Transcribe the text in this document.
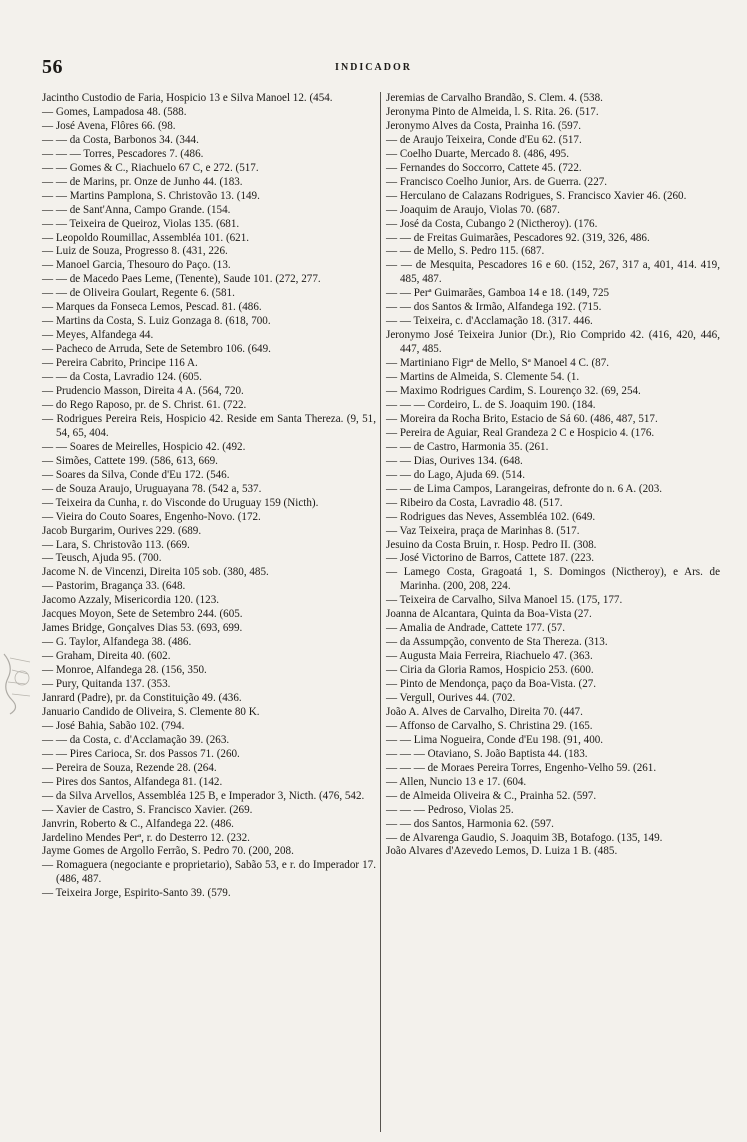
56	INDICADOR
Jacintho Custodio de Faria, Hospicio 13 e Silva Manoel 12. (454.
— Gomes, Lampadosa 48. (588.
— José Avena, Flôres 66. (98.
— — da Costa, Barbonos 34. (344.
— — — Torres, Pescadores 7. (486.
— — Gomes & C., Riachuelo 67 C, e 272. (517.
— — de Marins, pr. Onze de Junho 44. (183.
— — Martins Pamplona, S. Christovão 13. (149.
— — de Sant'Anna, Campo Grande. (154.
— — Teixeira de Queiroz, Violas 135. (681.
— Leopoldo Roumillac, Assembléa 101. (621.
— Luiz de Souza, Progresso 8. (431, 226.
— Manoel Garcia, Thesouro do Paço. (13.
— — de Macedo Paes Leme, (Tenente), Saude 101. (272, 277.
— — de Oliveira Goulart, Regente 6. (581.
— Marques da Fonseca Lemos, Pescad. 81. (486.
— Martins da Costa, S. Luiz Gonzaga 8. (618, 700.
— Meyes, Alfandega 44.
— Pacheco de Arruda, Sete de Setembro 106. (649.
— Pereira Cabrito, Principe 116 A.
— — da Costa, Lavradio 124. (605.
— Prudencio Masson, Direita 4 A. (564, 720.
— do Rego Raposo, pr. de S. Christ. 61. (722.
— Rodrigues Pereira Reis, Hospicio 42. Reside em Santa Thereza. (9, 51, 54, 65, 404.
— — Soares de Meirelles, Hospicio 42. (492.
— Simões, Cattete 199. (586, 613, 669.
— Soares da Silva, Conde d'Eu 172. (546.
— de Souza Araujo, Uruguayana 78. (542 a, 537.
— Teixeira da Cunha, r. do Visconde do Uruguay 159 (Nicth).
— Vieira do Couto Soares, Engenho-Novo. (172.
Jacob Burgarim, Ourives 229. (689.
— Lara, S. Christovão 113. (669.
— Teusch, Ajuda 95. (700.
Jacome N. de Vincenzi, Direita 105 sob. (380, 485.
— Pastorim, Bragança 33. (648.
Jacomo Azzaly, Misericordia 120. (123.
Jacques Moyon, Sete de Setembro 244. (605.
James Bridge, Gonçalves Dias 53. (693, 699.
— G. Taylor, Alfandega 38. (486.
— Graham, Direita 40. (602.
— Monroe, Alfandega 28. (156, 350.
— Pury, Quitanda 137. (353.
Janrard (Padre), pr. da Constituição 49. (436.
Januario Candido de Oliveira, S. Clemente 80 K.
— José Bahia, Sabão 102. (794.
— — da Costa, c. d'Acclamação 39. (263.
— — Pires Carioca, Sr. dos Passos 71. (260.
— Pereira de Souza, Rezende 28. (264.
— Pires dos Santos, Alfandega 81. (142.
— da Silva Arvellos, Assembléa 125 B, e Imperador 3, Nicth. (476, 542.
— Xavier de Castro, S. Francisco Xavier. (269.
Janvrin, Roberto & C., Alfandega 22. (486.
Jardelino Mendes Perª, r. do Desterro 12. (232.
Jayme Gomes de Argollo Ferrão, S. Pedro 70. (200, 208.
— Romaguera (negociante e proprietario), Sabão 53, e r. do Imperador 17. (486, 487.
— Teixeira Jorge, Espirito-Santo 39. (579.
Jeremias de Carvalho Brandão, S. Clem. 4. (538.
Jeronyma Pinto de Almeida, l. S. Rita. 26. (517.
Jeronymo Alves da Costa, Prainha 16. (597.
— de Araujo Teixeira, Conde d'Eu 62. (517.
— Coelho Duarte, Mercado 8. (486, 495.
— Fernandes do Soccorro, Cattete 45. (722.
— Francisco Coelho Junior, Ars. de Guerra. (227.
— Herculano de Calazans Rodrigues, S. Francisco Xavier 46. (260.
— Joaquim de Araujo, Violas 70. (687.
— José da Costa, Cubango 2 (Nictheroy). (176.
— — de Freitas Guimarães, Pescadores 92. (319, 326, 486.
— — de Mello, S. Pedro 115. (687.
— — de Mesquita, Pescadores 16 e 60. (152, 267, 317 a, 401, 414. 419, 485, 487.
— — Perª Guimarães, Gamboa 14 e 18. (149, 725
— — dos Santos & Irmão, Alfandega 192. (715.
— — Teixeira, c. d'Acclamação 18. (317. 446.
Jeronymo José Teixeira Junior (Dr.), Rio Comprido 42. (416, 420, 446, 447, 485.
— Martiniano Figrª de Mello, Sª Manoel 4 C. (87.
— Martins de Almeida, S. Clemente 54. (1.
— Maximo Rodrigues Cardim, S. Lourenço 32. (69, 254.
— — — Cordeiro, L. de S. Joaquim 190. (184.
— Moreira da Rocha Brito, Estacio de Sá 60. (486, 487, 517.
— Pereira de Aguiar, Real Grandeza 2 C e Hospicio 4. (176.
— — de Castro, Harmonia 35. (261.
— — Dias, Ourives 134. (648.
— — do Lago, Ajuda 69. (514.
— — de Lima Campos, Larangeiras, defronte do n. 6 A. (203.
— Ribeiro da Costa, Lavradio 48. (517.
— Rodrigues das Neves, Assembléa 102. (649.
— Vaz Teixeira, praça de Marinhas 8. (517.
Jesuino da Costa Bruin, r. Hosp. Pedro II. (308.
— José Victorino de Barros, Cattete 187. (223.
— Lamego Costa, Gragoatá 1, S. Domingos (Nictheroy), e Ars. de Marinha. (200, 208, 224.
— Teixeira de Carvalho, Silva Manoel 15. (175, 177.
Joanna de Alcantara, Quinta da Boa-Vista (27.
— Amalia de Andrade, Cattete 177. (57.
— da Assumpção, convento de Sta Thereza. (313.
— Augusta Maia Ferreira, Riachuelo 47. (363.
— Ciria da Gloria Ramos, Hospicio 253. (600.
— Pinto de Mendonça, paço da Boa-Vista. (27.
— Vergull, Ourives 44. (702.
João A. Alves de Carvalho, Direita 70. (447.
— Affonso de Carvalho, S. Christina 29. (165.
— — Lima Nogueira, Conde d'Eu 198. (91, 400.
— — — Otaviano, S. João Baptista 44. (183.
— — — de Moraes Pereira Torres, Engenho-Velho 59. (261.
— Allen, Nuncio 13 e 17. (604.
— de Almeida Oliveira & C., Prainha 52. (597.
— — — Pedroso, Violas 25.
— — dos Santos, Harmonia 62. (597.
— de Alvarenga Gaudio, S. Joaquim 3B, Botafogo. (135, 149.
João Alvares d'Azevedo Lemos, D. Luiza 1 B. (485.
